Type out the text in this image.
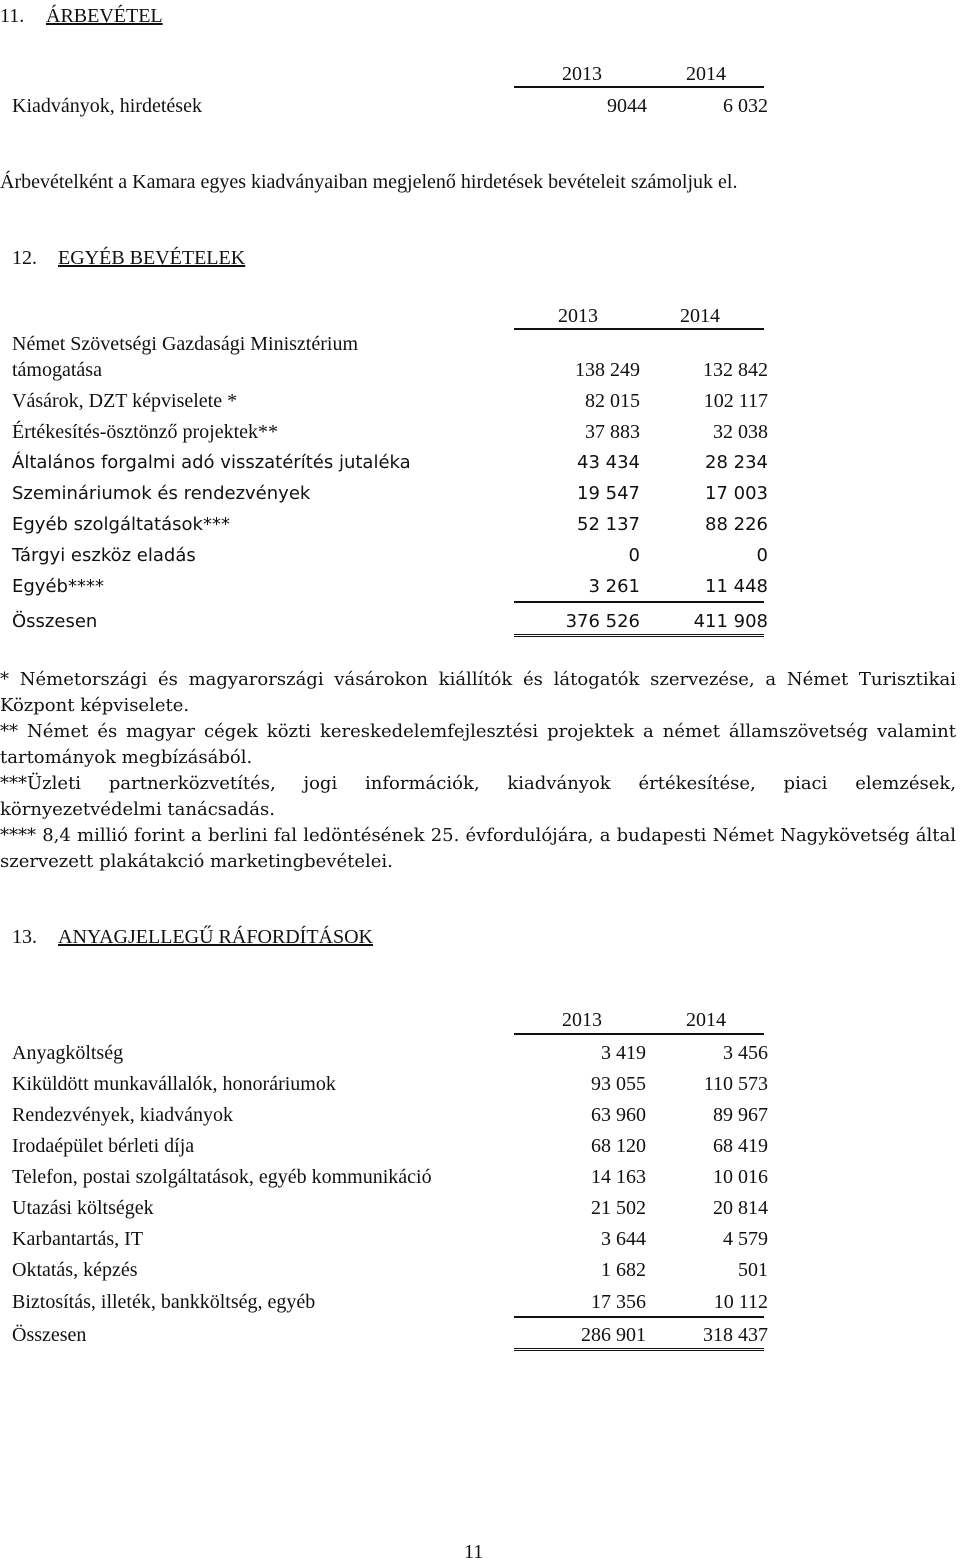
11. ÁRBEVÉTEL
2013	2014
Kiadványok, hirdetések	9044	6 032
Árbevételként a Kamara egyes kiadványaiban megjelenő hirdetések bevételeit számoljuk el.
12. EGYÉB BEVÉTELEK
2013	2014
Német Szövetségi Gazdasági Minisztérium
támogatása	138 249	132 842
Vásárok, DZT képviselete *	82 015	102 117
Értékesítés-ösztönző projektek**	37 883	32 038
Általános forgalmi adó visszatérítés jutaléka	43 434	28 234
Szemináriumok és rendezvények	19 547	17 003
Egyéb szolgáltatások***	52 137	88 226
Tárgyi eszköz eladás	0	0
Egyéb****	3 261	11 448
Összesen	376 526	411 908

* Németországi és magyarországi vásárokon kiállítók és látogatók szervezése, a Német Turisztikai Központ képviselete.

** Német és magyar cégek közti kereskedelemfejlesztési projektek a német államszövetség valamint tartományok megbízásából.

***Üzleti partnerközvetítés, jogi információk, kiadványok értékesítése, piaci elemzések, környezetvédelmi tanácsadás.

**** 8,4 millió forint a berlini fal ledöntésének 25. évfordulójára, a budapesti Német Nagykövetség által szervezett plakátakció marketingbevételei.

13. ANYAGJELLEGŰ RÁFORDÍTÁSOK
2013	2014
Anyagköltség	3 419	3 456
Kiküldött munkavállalók, honoráriumok	93 055	110 573
Rendezvények, kiadványok	63 960	89 967
Irodaépület bérleti díja	68 120	68 419
Telefon, postai szolgáltatások, egyéb kommunikáció	14 163	10 016
Utazási költségek	21 502	20 814
Karbantartás, IT	3 644	4 579
Oktatás, képzés	1 682	501
Biztosítás, illeték, bankköltség, egyéb	17 356	10 112
Összesen	286 901	318 437
11
